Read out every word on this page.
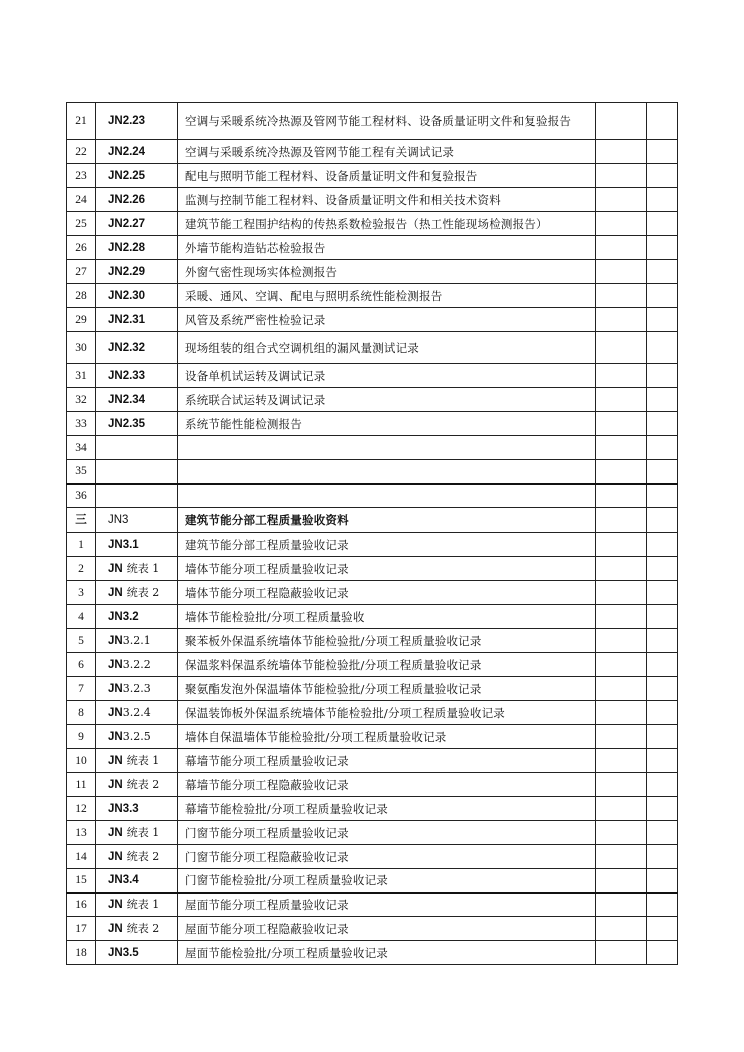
21	JN2.23	空调与采暖系统冷热源及管网节能工程材料、设备质量证明文件和复验报告		
22	JN2.24	空调与采暖系统冷热源及管网节能工程有关调试记录		
23	JN2.25	配电与照明节能工程材料、设备质量证明文件和复验报告		
24	JN2.26	监测与控制节能工程材料、设备质量证明文件和相关技术资料		
25	JN2.27	建筑节能工程围护结构的传热系数检验报告（热工性能现场检测报告）		
26	JN2.28	外墙节能构造钻芯检验报告		
27	JN2.29	外窗气密性现场实体检测报告		
28	JN2.30	采暖、通风、空调、配电与照明系统性能检测报告		
29	JN2.31	风管及系统严密性检验记录		
30	JN2.32	现场组装的组合式空调机组的漏风量测试记录		
31	JN2.33	设备单机试运转及调试记录		
32	JN2.34	系统联合试运转及调试记录		
33	JN2.35	系统节能性能检测报告		
34				
35				
36				
三	JN3	建筑节能分部工程质量验收资料		
1	JN3.1	建筑节能分部工程质量验收记录		
2	JN 统表 1	墙体节能分项工程质量验收记录		
3	JN 统表 2	墙体节能分项工程隐蔽验收记录		
4	JN3.2	墙体节能检验批/分项工程质量验收		
5	JN3.2.1	聚苯板外保温系统墙体节能检验批/分项工程质量验收记录		
6	JN3.2.2	保温浆料保温系统墙体节能检验批/分项工程质量验收记录		
7	JN3.2.3	聚氨酯发泡外保温墙体节能检验批/分项工程质量验收记录		
8	JN3.2.4	保温装饰板外保温系统墙体节能检验批/分项工程质量验收记录		
9	JN3.2.5	墙体自保温墙体节能检验批/分项工程质量验收记录		
10	JN 统表 1	幕墙节能分项工程质量验收记录		
11	JN 统表 2	幕墙节能分项工程隐蔽验收记录		
12	JN3.3	幕墙节能检验批/分项工程质量验收记录		
13	JN 统表 1	门窗节能分项工程质量验收记录		
14	JN 统表 2	门窗节能分项工程隐蔽验收记录		
15	JN3.4	门窗节能检验批/分项工程质量验收记录		
16	JN 统表 1	屋面节能分项工程质量验收记录		
17	JN 统表 2	屋面节能分项工程隐蔽验收记录		
18	JN3.5	屋面节能检验批/分项工程质量验收记录		
